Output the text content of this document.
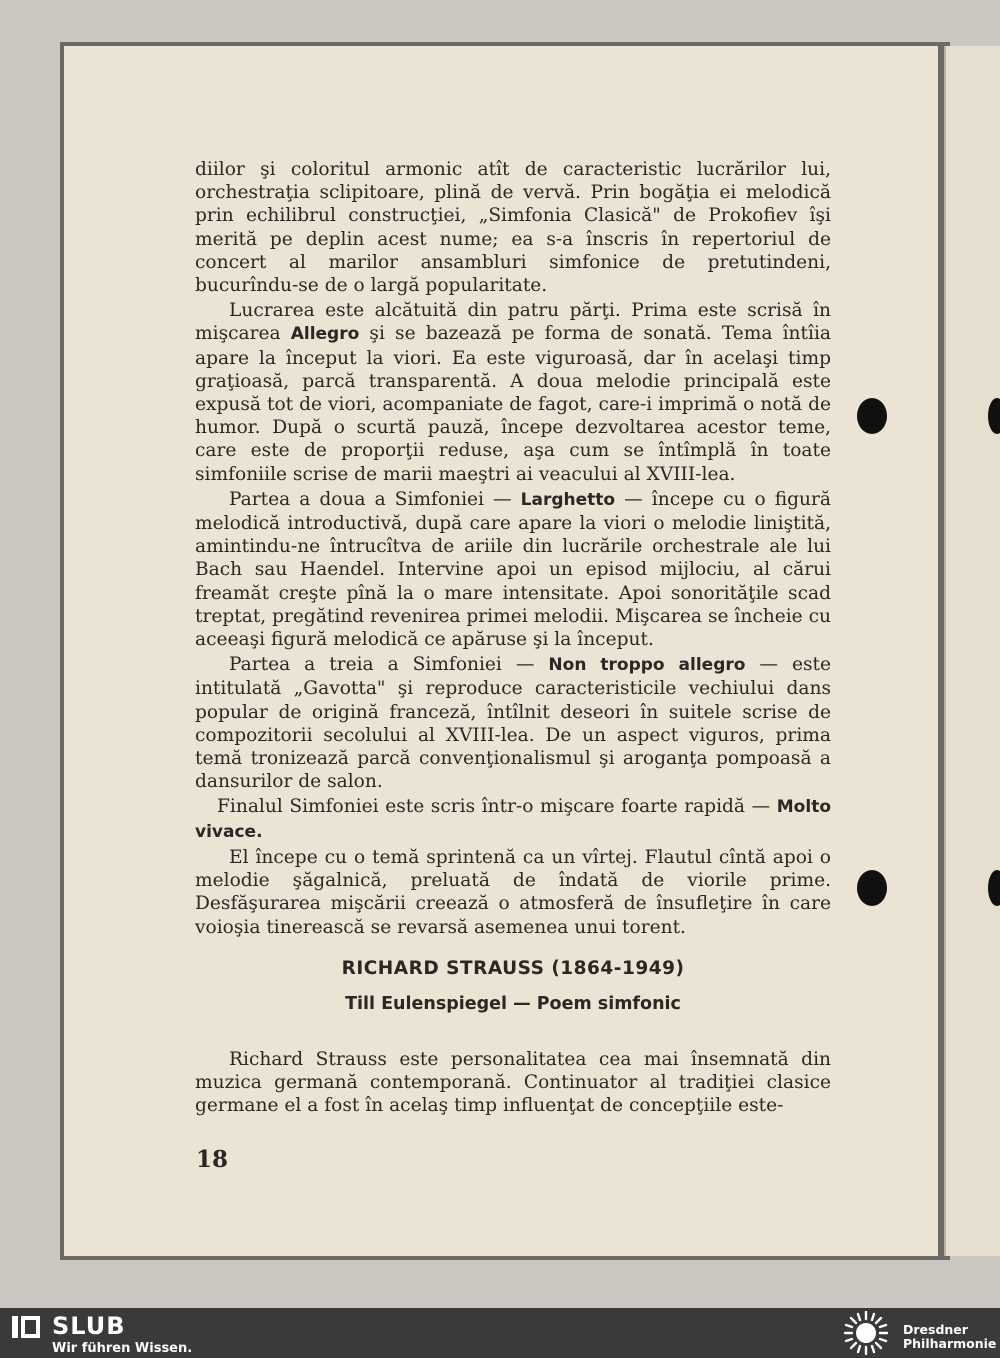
diilor şi coloritul armonic atît de caracteristic lucrărilor lui, orchestraţia sclipitoare, plină de vervă. Prin bogăţia ei melodică prin echilibrul construcţiei, „Simfonia Clasică" de Prokofiev îşi merită pe deplin acest nume; ea s-a înscris în repertoriul de concert al marilor ansambluri simfonice de pretutindeni, bucurîndu-se de o largă popularitate.

Lucrarea este alcătuită din patru părţi. Prima este scrisă în mişcarea Allegro şi se bazează pe forma de sonată. Tema întîia apare la început la viori. Ea este viguroasă, dar în acelaşi timp graţioasă, parcă transparentă. A doua melodie principală este expusă tot de viori, acompaniate de fagot, care-i imprimă o notă de humor. După o scurtă pauză, începe dezvoltarea acestor teme, care este de proporţii reduse, aşa cum se întîmplă în toate simfoniile scrise de marii maeştri ai veacului al XVIII-lea.

Partea a doua a Simfoniei — Larghetto — începe cu o figură melodică introductivă, după care apare la viori o melodie liniştită, amintindu-ne întrucîtva de ariile din lucrările orchestrale ale lui Bach sau Haendel. Intervine apoi un episod mijlociu, al cărui freamăt creşte pînă la o mare intensitate. Apoi sonorităţile scad treptat, pregătind revenirea primei melodii. Mişcarea se încheie cu aceeaşi figură melodică ce apăruse şi la început.

Partea a treia a Simfoniei — Non troppo allegro — este intitulată „Gavotta" şi reproduce caracteristicile vechiului dans popular de origină franceză, întîlnit deseori în suitele scrise de compozitorii secolului al XVIII-lea. De un aspect viguros, prima temă tronizează parcă convenţionalismul şi aroganţa pompoasă a dansurilor de salon.

Finalul Simfoniei este scris într-o mişcare foarte rapidă — Molto vivace.

El începe cu o temă sprintenă ca un vîrtej. Flautul cîntă apoi o melodie şăgalnică, preluată de îndată de viorile prime. Desfăşurarea mişcării creează o atmosferă de însufleţire în care voioşia tinerească se revarsă asemenea unui torent.

RICHARD STRAUSS (1864-1949)
Till Eulenspiegel — Poem simfonic

Richard Strauss este personalitatea cea mai însemnată din muzica germană contemporană. Continuator al tradiţiei clasice germane el a fost în acelaş timp influenţat de concepţiile este-

18
SLUB
Wir führen Wissen.
Dresdner
Philharmonie
